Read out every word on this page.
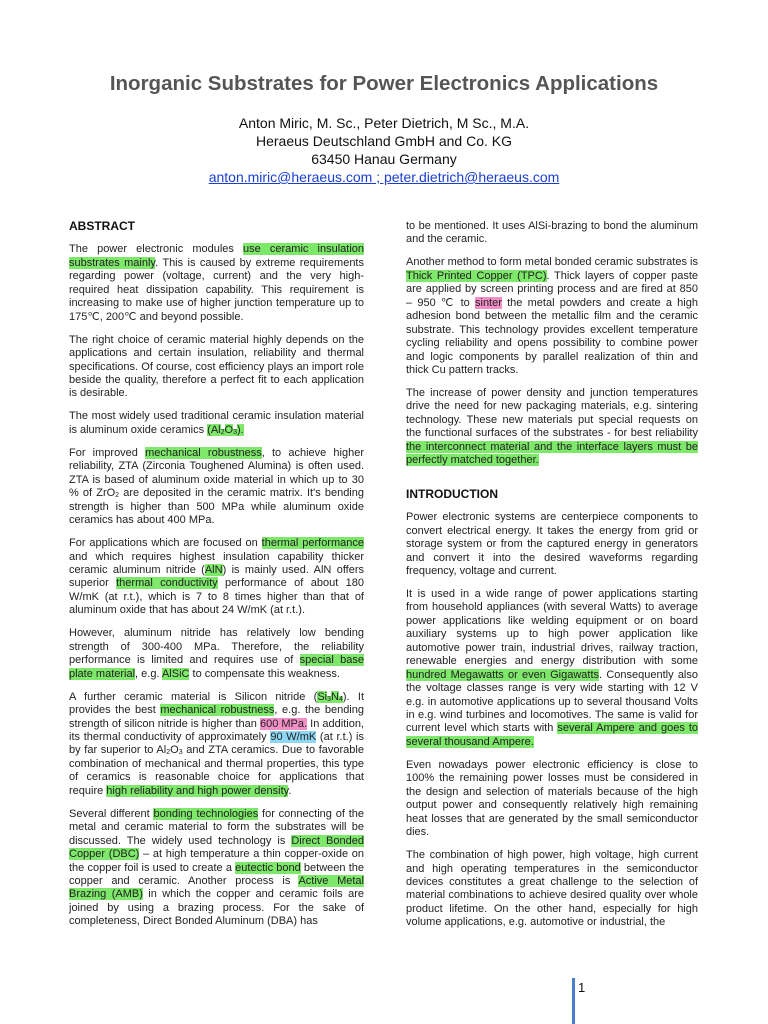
Inorganic Substrates for Power Electronics Applications
Anton Miric, M. Sc., Peter Dietrich, M Sc., M.A.
Heraeus Deutschland GmbH and Co. KG
63450 Hanau Germany
anton.miric@heraeus.com ; peter.dietrich@heraeus.com
ABSTRACT

The power electronic modules use ceramic insulation substrates mainly. This is caused by extreme requirements regarding power (voltage, current) and the very high-required heat dissipation capability. This requirement is increasing to make use of higher junction temperature up to 175℃, 200℃ and beyond possible.

The right choice of ceramic material highly depends on the applications and certain insulation, reliability and thermal specifications. Of course, cost efficiency plays an import role beside the quality, therefore a perfect fit to each application is desirable.

The most widely used traditional ceramic insulation material is aluminum oxide ceramics $(Al_2O_3)$.

For improved mechanical robustness, to achieve higher reliability, ZTA (Zirconia Toughened Alumina) is often used. ZTA is based of aluminum oxide material in which up to 30 % of ZrO$_2$ are deposited in the ceramic matrix. It's bending strength is higher than 500 MPa while aluminum oxide ceramics has about 400 MPa.

For applications which are focused on thermal performance and which requires highest insulation capability thicker ceramic aluminum nitride (AlN) is mainly used. AlN offers superior thermal conductivity performance of about 180 W/mK (at r.t.), which is 7 to 8 times higher than that of aluminum oxide that has about 24 W/mK (at r.t.).

However, aluminum nitride has relatively low bending strength of 300-400 MPa. Therefore, the reliability performance is limited and requires use of special base plate material, e.g. AlSiC to compensate this weakness.

A further ceramic material is Silicon nitride $(Si_3N_4)$. It provides the best mechanical robustness, e.g. the bending strength of silicon nitride is higher than 600 MPa. In addition, its thermal conductivity of approximately 90 W/mK (at r.t.) is by far superior to $Al_2O_3$ and ZTA ceramics. Due to favorable combination of mechanical and thermal properties, this type of ceramics is reasonable choice for applications that require high reliability and high power density.

Several different bonding technologies for connecting of the metal and ceramic material to form the substrates will be discussed. The widely used technology is Direct Bonded Copper (DBC) – at high temperature a thin copper-oxide on the copper foil is used to create a eutectic bond between the copper and ceramic. Another process is Active Metal Brazing (AMB) in which the copper and ceramic foils are joined by using a brazing process. For the sake of completeness, Direct Bonded Aluminum (DBA) has

to be mentioned. It uses AlSi-brazing to bond the aluminum and the ceramic.

Another method to form metal bonded ceramic substrates is Thick Printed Copper (TPC). Thick layers of copper paste are applied by screen printing process and are fired at 850 – 950 ℃ to sinter the metal powders and create a high adhesion bond between the metallic film and the ceramic substrate. This technology provides excellent temperature cycling reliability and opens possibility to combine power and logic components by parallel realization of thin and thick Cu pattern tracks.

The increase of power density and junction temperatures drive the need for new packaging materials, e.g. sintering technology. These new materials put special requests on the functional surfaces of the substrates - for best reliability the interconnect material and the interface layers must be perfectly matched together.

INTRODUCTION

Power electronic systems are centerpiece components to convert electrical energy. It takes the energy from grid or storage system or from the captured energy in generators and convert it into the desired waveforms regarding frequency, voltage and current.

It is used in a wide range of power applications starting from household appliances (with several Watts) to average power applications like welding equipment or on board auxiliary systems up to high power application like automotive power train, industrial drives, railway traction, renewable energies and energy distribution with some hundred Megawatts or even Gigawatts. Consequently also the voltage classes range is very wide starting with 12 V e.g. in automotive applications up to several thousand Volts in e.g. wind turbines and locomotives. The same is valid for current level which starts with several Ampere and goes to several thousand Ampere.

Even nowadays power electronic efficiency is close to 100% the remaining power losses must be considered in the design and selection of materials because of the high output power and consequently relatively high remaining heat losses that are generated by the small semiconductor dies.

The combination of high power, high voltage, high current and high operating temperatures in the semiconductor devices constitutes a great challenge to the selection of material combinations to achieve desired quality over whole product lifetime. On the other hand, especially for high volume applications, e.g. automotive or industrial, the

1
